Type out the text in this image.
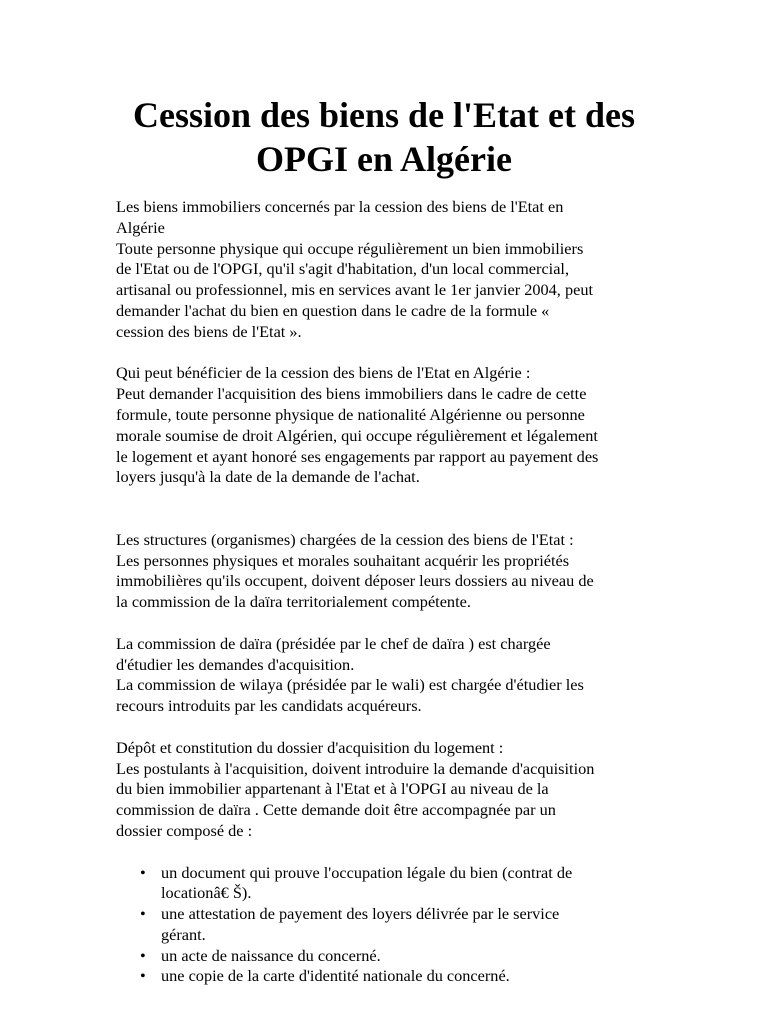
Cession des biens de l'Etat et des
OPGI en Algérie

Les biens immobiliers concernés par la cession des biens de l'Etat en
Algérie
Toute personne physique qui occupe régulièrement un bien immobiliers
de l'Etat ou de l'OPGI, qu'il s'agit d'habitation, d'un local commercial,
artisanal ou professionnel, mis en services avant le 1er janvier 2004, peut
demander l'achat du bien en question dans le cadre de la formule «
cession des biens de l'Etat ».

Qui peut bénéficier de la cession des biens de l'Etat en Algérie :
Peut demander l'acquisition des biens immobiliers dans le cadre de cette
formule, toute personne physique de nationalité Algérienne ou personne
morale soumise de droit Algérien, qui occupe régulièrement et légalement
le logement et ayant honoré ses engagements par rapport au payement des
loyers jusqu'à la date de la demande de l'achat.

Les structures (organismes) chargées de la cession des biens de l'Etat :
Les personnes physiques et morales souhaitant acquérir les propriétés
immobilières qu'ils occupent, doivent déposer leurs dossiers au niveau de
la commission de la daïra territorialement compétente.

La commission de daïra (présidée par le chef de daïra ) est chargée
d'étudier les demandes d'acquisition.
La commission de wilaya (présidée par le wali) est chargée d'étudier les
recours introduits par les candidats acquéreurs.

Dépôt et constitution du dossier d'acquisition du logement :
Les postulants à l'acquisition, doivent introduire la demande d'acquisition
du bien immobilier appartenant à l'Etat et à l'OPGI au niveau de la
commission de daïra . Cette demande doit être accompagnée par un
dossier composé de :

• un document qui prouve l'occupation légale du bien (contrat de
locationâ€ Š).
• une attestation de payement des loyers délivrée par le service
gérant.
• un acte de naissance du concerné.
• une copie de la carte d'identité nationale du concerné.
